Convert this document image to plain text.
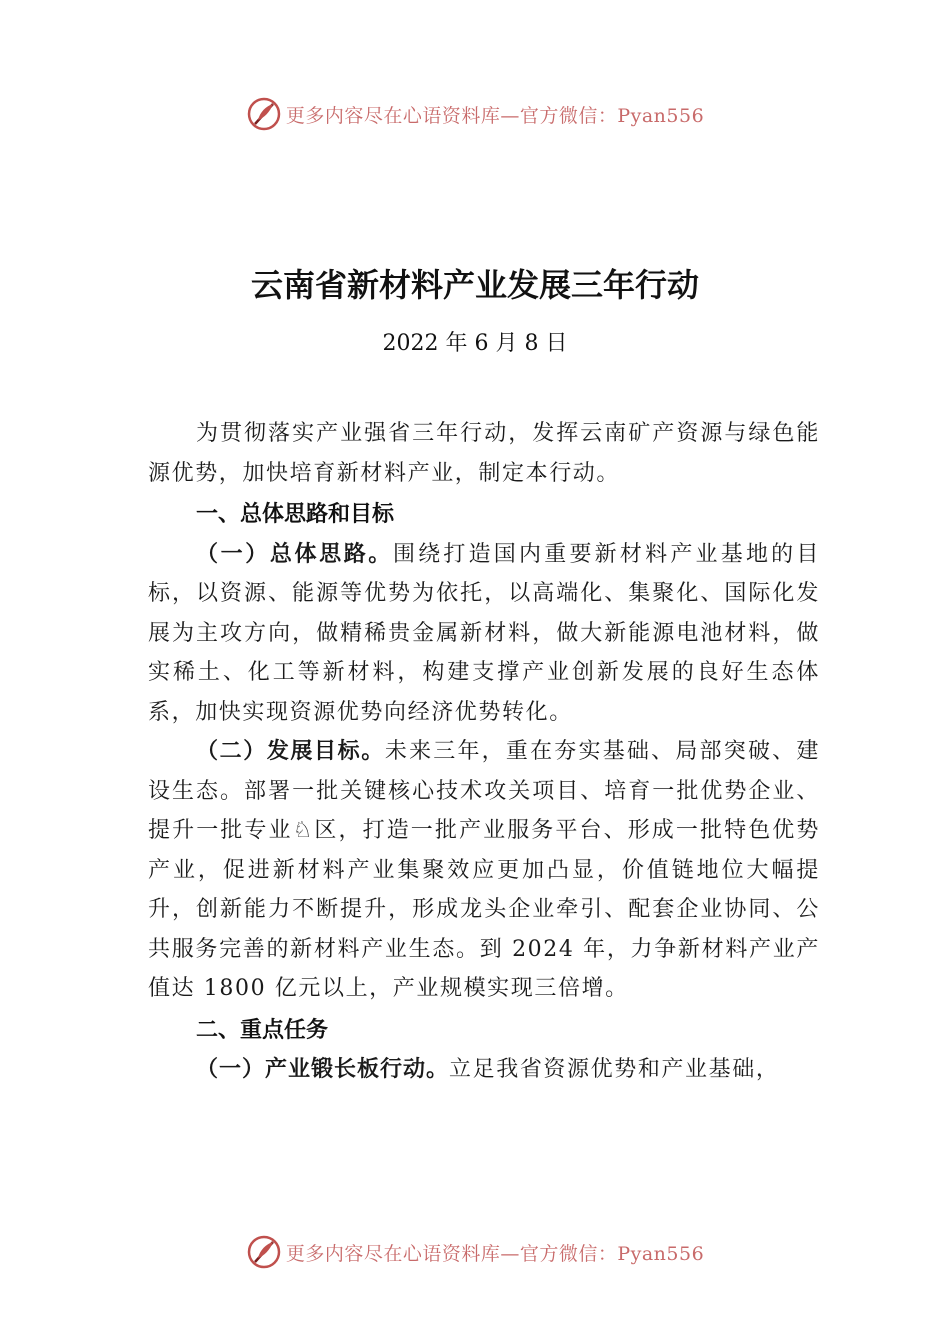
更多内容尽在心语资料库—官方微信：Pyan556
云南省新材料产业发展三年行动
2022 年 6 月 8 日

为贯彻落实产业强省三年行动，发挥云南矿产资源与绿色能源优势，加快培育新材料产业，制定本行动。

一、总体思路和目标

（一）总体思路。围绕打造国内重要新材料产业基地的目标，以资源、能源等优势为依托，以高端化、集聚化、国际化发展为主攻方向，做精稀贵金属新材料，做大新能源电池材料，做实稀土、化工等新材料，构建支撑产业创新发展的良好生态体系，加快实现资源优势向经济优势转化。

（二）发展目标。未来三年，重在夯实基础、局部突破、建设生态。部署一批关键核心技术攻关项目、培育一批优势企业、提升一批专业♘区，打造一批产业服务平台、形成一批特色优势产业，促进新材料产业集聚效应更加凸显，价值链地位大幅提升，创新能力不断提升，形成龙头企业牵引、配套企业协同、公共服务完善的新材料产业生态。到 2024 年，力争新材料产业产值达 1800 亿元以上，产业规模实现三倍增。

二、重点任务

（一）产业锻长板行动。立足我省资源优势和产业基础，

更多内容尽在心语资料库—官方微信：Pyan556
